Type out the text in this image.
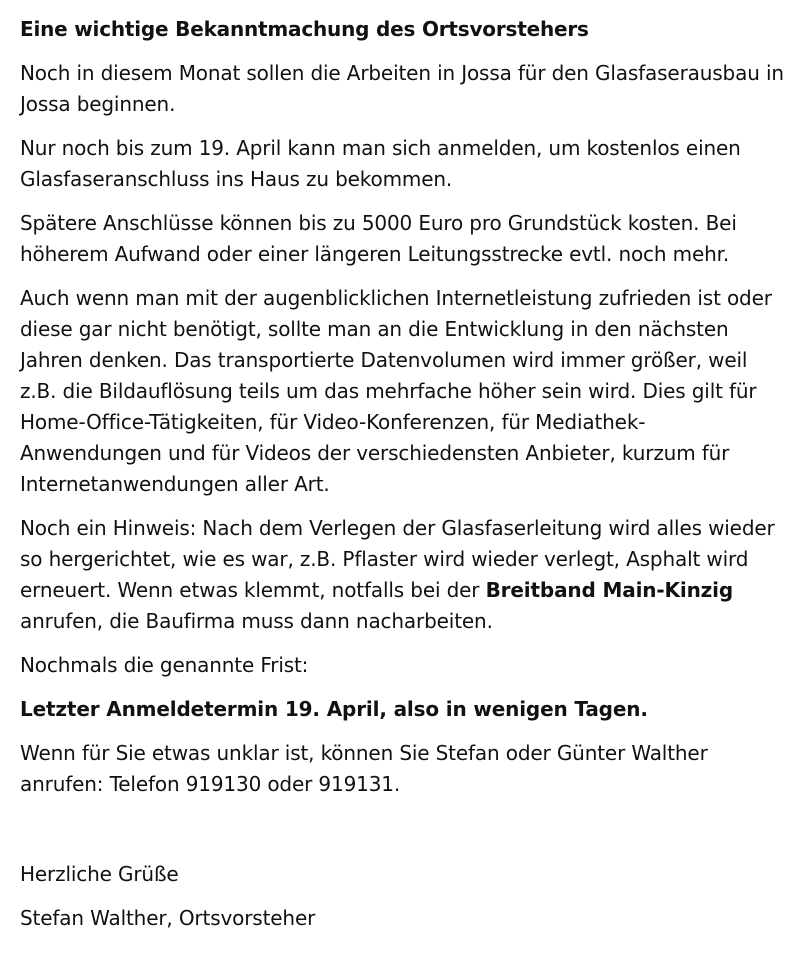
Eine wichtige Bekanntmachung des Ortsvorstehers

Noch in diesem Monat sollen die Arbeiten in Jossa für den Glasfaserausbau in Jossa beginnen.

Nur noch bis zum 19. April kann man sich anmelden, um kostenlos einen Glasfaseranschluss ins Haus zu bekommen.

Spätere Anschlüsse können bis zu 5000 Euro pro Grundstück kosten. Bei höherem Aufwand oder einer längeren Leitungsstrecke evtl. noch mehr.

Auch wenn man mit der augenblicklichen Internetleistung zufrieden ist oder diese gar nicht benötigt, sollte man an die Entwicklung in den nächsten Jahren denken. Das transportierte Datenvolumen wird immer größer, weil z.B. die Bildauflösung teils um das mehrfache höher sein wird. Dies gilt für Home-Office-Tätigkeiten, für Video-Konferenzen, für Mediathek-Anwendungen und für Videos der verschiedensten Anbieter, kurzum für Internetanwendungen aller Art.

Noch ein Hinweis: Nach dem Verlegen der Glasfaserleitung wird alles wieder so hergerichtet, wie es war, z.B. Pflaster wird wieder verlegt, Asphalt wird erneuert. Wenn etwas klemmt, notfalls bei der Breitband Main-Kinzig anrufen, die Baufirma muss dann nacharbeiten.

Nochmals die genannte Frist:

Letzter Anmeldetermin 19. April, also in wenigen Tagen.

Wenn für Sie etwas unklar ist, können Sie Stefan oder Günter Walther anrufen: Telefon 919130 oder 919131.

Herzliche Grüße

Stefan Walther, Ortsvorsteher
